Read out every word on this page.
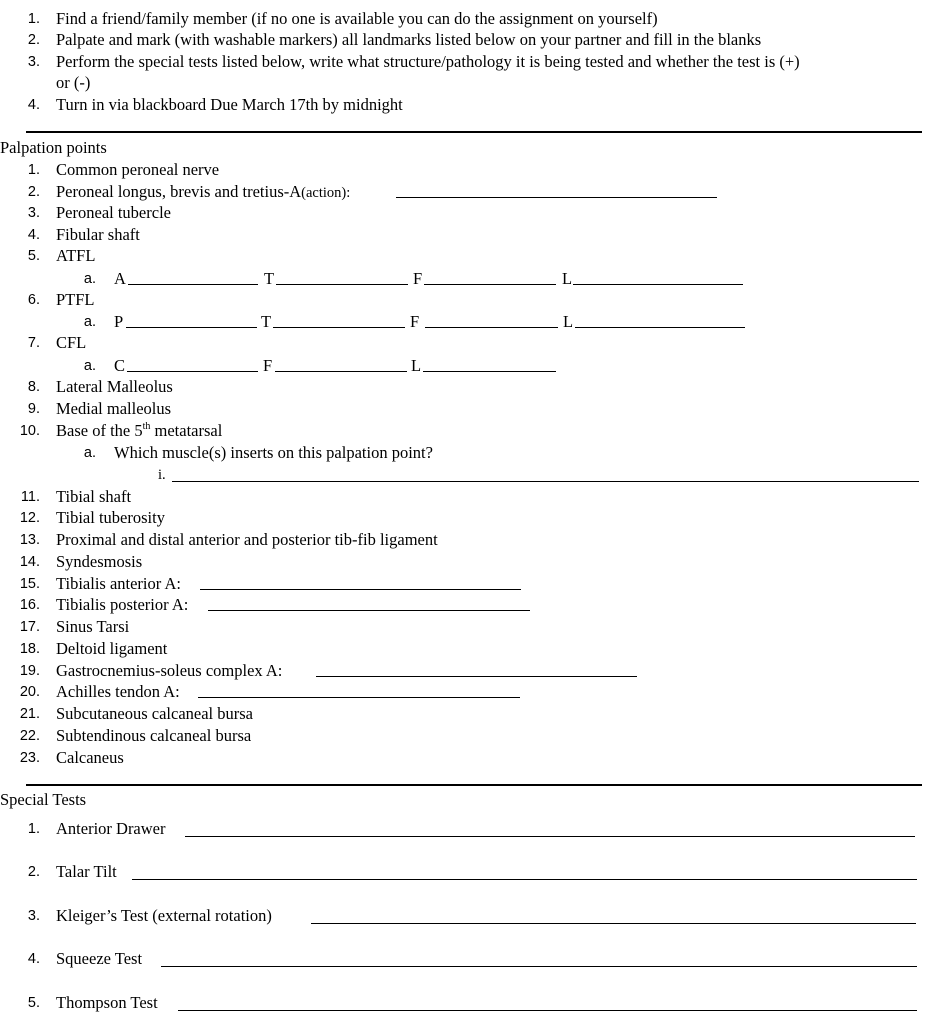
1. Find a friend/family member (if no one is available you can do the assignment on yourself)
2. Palpate and mark (with washable markers) all landmarks listed below on your partner and fill in the blanks
3. Perform the special tests listed below, write what structure/pathology it is being tested and whether the test is (+)
or (-)
4. Turn in via blackboard Due March 17th by midnight
Palpation points
1. Common peroneal nerve
2. Peroneal longus, brevis and tretius-A(action):
3. Peroneal tubercle
4. Fibular shaft
5. ATFL
a. A	T	F	L
6. PTFL
a. P	T	F	L
7. CFL
a. C	F	L
8. Lateral Malleolus
9. Medial malleolus
10. Base of the 5th metatarsal
a. Which muscle(s) inserts on this palpation point?
i.
11. Tibial shaft
12. Tibial tuberosity
13. Proximal and distal anterior and posterior tib-fib ligament
14. Syndesmosis
15. Tibialis anterior A:
16. Tibialis posterior A:
17. Sinus Tarsi
18. Deltoid ligament
19. Gastrocnemius-soleus complex A:
20. Achilles tendon A:
21. Subcutaneous calcaneal bursa
22. Subtendinous calcaneal bursa
23. Calcaneus
Special Tests
1. Anterior Drawer
2. Talar Tilt
3. Kleiger’s Test (external rotation)
4. Squeeze Test
5. Thompson Test
